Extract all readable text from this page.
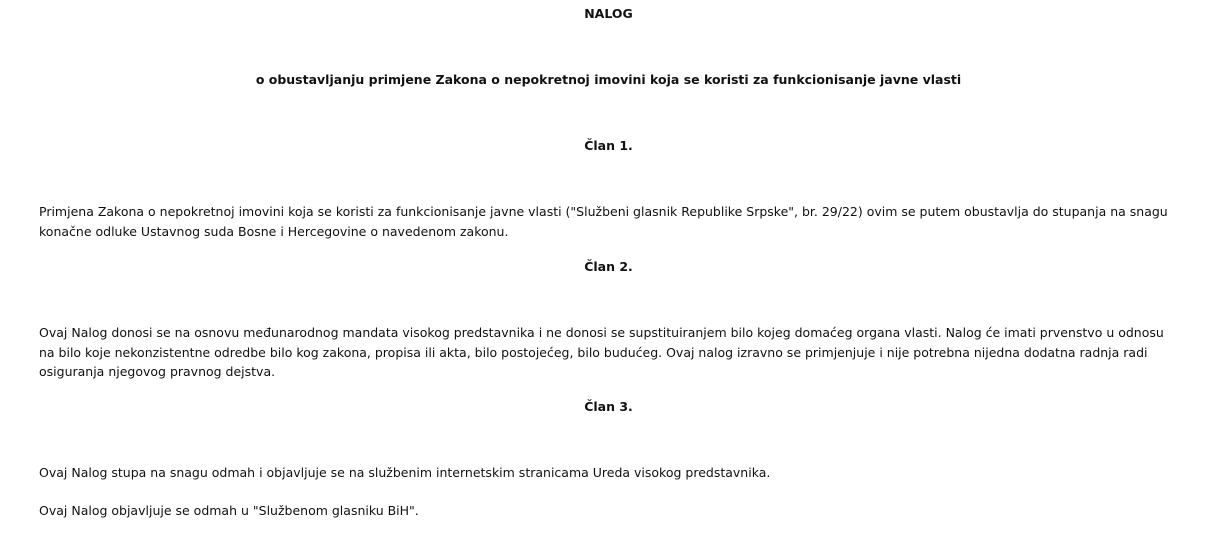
NALOG
o obustavljanju primjene Zakona o nepokretnoj imovini koja se koristi za funkcionisanje javne vlasti
Član 1.
Primjena Zakona o nepokretnoj imovini koja se koristi za funkcionisanje javne vlasti ("Službeni glasnik Republike Srpske", br. 29/22) ovim se putem obustavlja do stupanja na snagu konačne odluke Ustavnog suda Bosne i Hercegovine o navedenom zakonu.
Član 2.
Ovaj Nalog donosi se na osnovu međunarodnog mandata visokog predstavnika i ne donosi se supstituiranjem bilo kojeg domaćeg organa vlasti. Nalog će imati prvenstvo u odnosu na bilo koje nekonzistentne odredbe bilo kog zakona, propisa ili akta, bilo postojećeg, bilo budućeg. Ovaj nalog izravno se primjenjuje i nije potrebna nijedna dodatna radnja radi osiguranja njegovog pravnog dejstva.
Član 3.
Ovaj Nalog stupa na snagu odmah i objavljuje se na službenim internetskim stranicama Ureda visokog predstavnika.
Ovaj Nalog objavljuje se odmah u "Službenom glasniku BiH".
